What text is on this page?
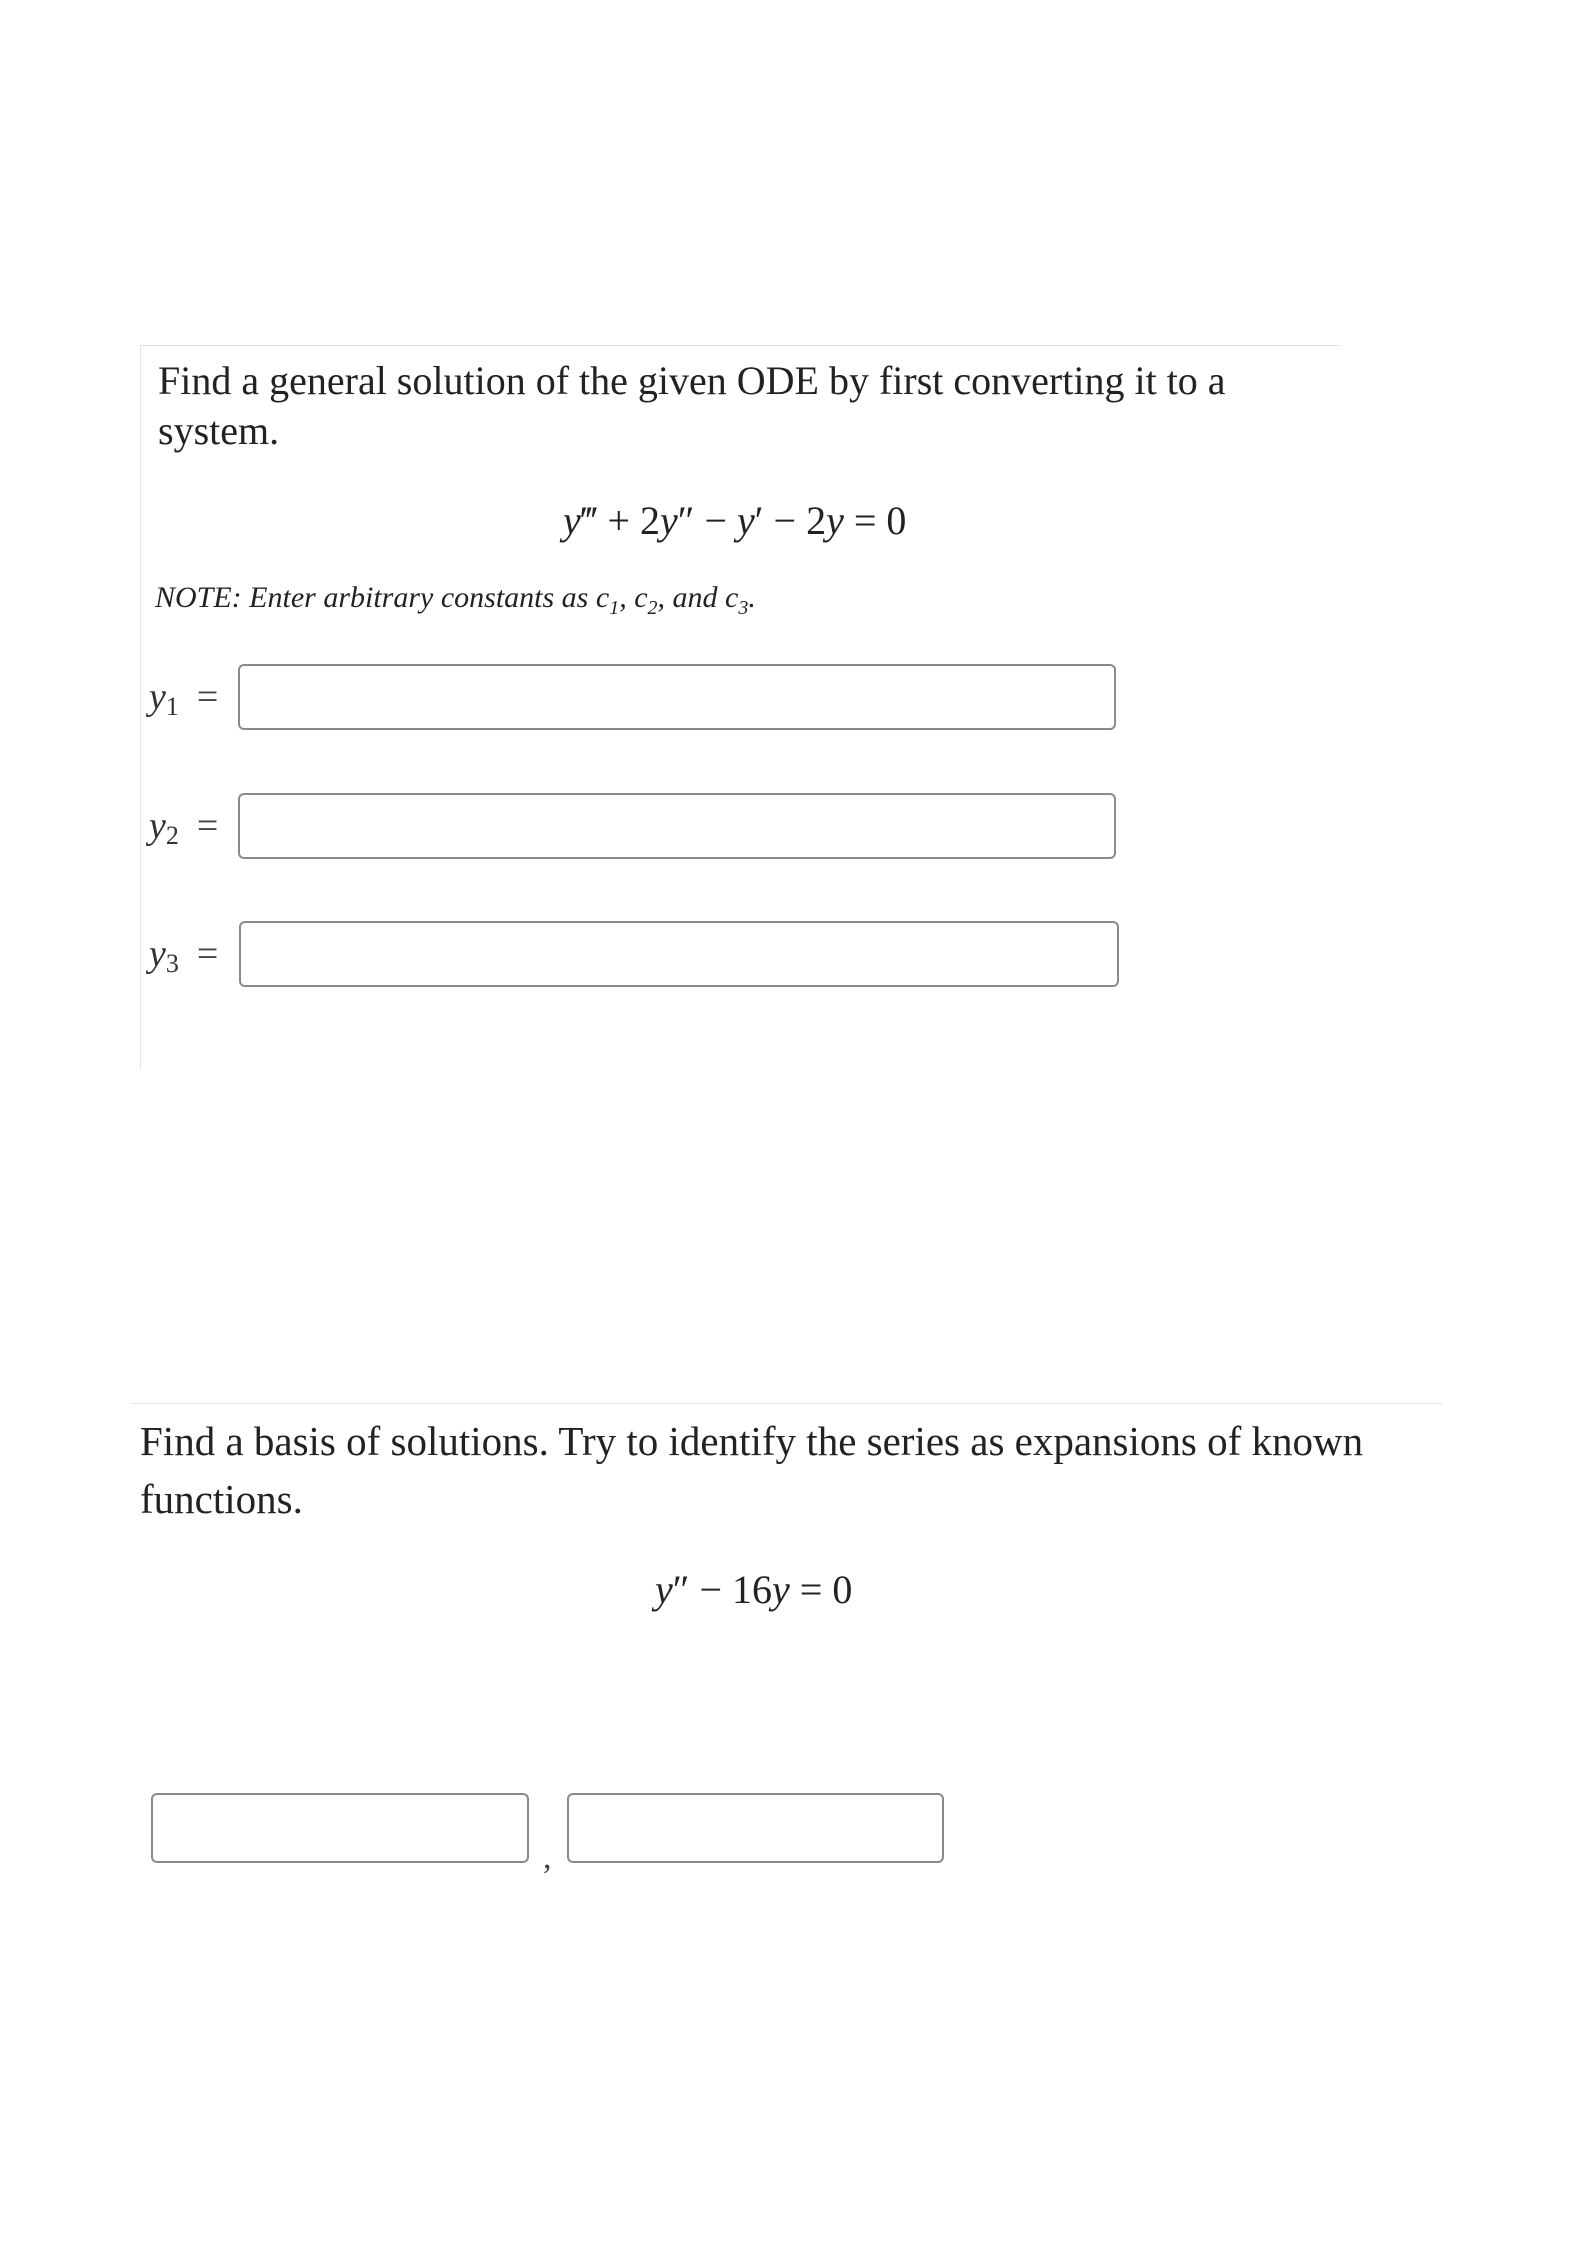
Find a general solution of the given ODE by first converting it to a system.
y‴ + 2y″ − y′ − 2y = 0
NOTE: Enter arbitrary constants as $c_1$, $c_2$, and $c_3$.
y1 =
y2 =
y3 =
Find a basis of solutions. Try to identify the series as expansions of known functions.
y″ − 16y = 0
,
